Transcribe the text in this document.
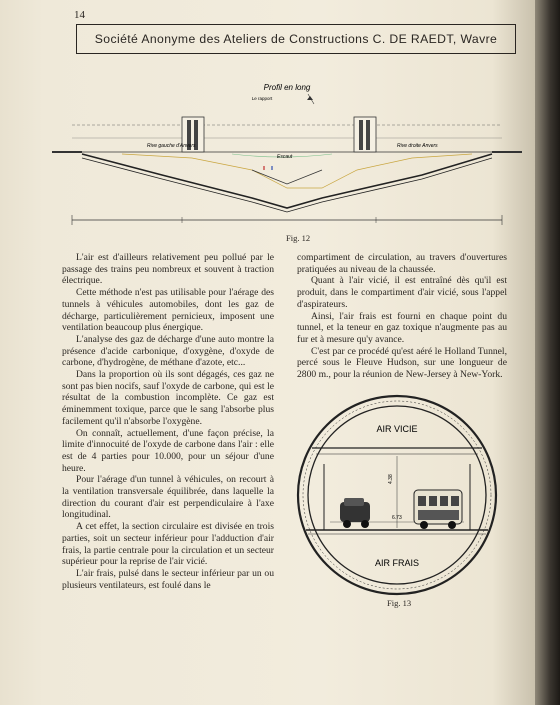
14
Société Anonyme des Ateliers de Constructions C. DE RAEDT, Wavre
Profil en long
Le rapport
Rive gauche d'Anvers
Escaut
Rive droite Anvers
Fig. 12

L'air est d'ailleurs relativement peu pollué par le passage des trains peu nombreux et souvent à traction électrique.

Cette méthode n'est pas utilisable pour l'aérage des tunnels à véhicules automobiles, dont les gaz de décharge, particulièrement pernicieux, imposent une ventilation beaucoup plus énergique.

L'analyse des gaz de décharge d'une auto montre la présence d'acide carbonique, d'oxygène, d'oxyde de carbone, d'hydrogène, de méthane d'azote, etc...

Dans la proportion où ils sont dégagés, ces gaz ne sont pas bien nocifs, sauf l'oxyde de carbone, qui est le résultat de la combustion incomplète. Ce gaz est éminemment toxique, parce que le sang l'absorbe plus facilement qu'il n'absorbe l'oxygène.

On connaît, actuellement, d'une façon précise, la limite d'innocuité de l'oxyde de carbone dans l'air : elle est de 4 parties pour 10.000, pour un séjour d'une heure.

Pour l'aérage d'un tunnel à véhicules, on recourt à la ventilation transversale équilibrée, dans laquelle la direction du courant d'air est perpendiculaire à l'axe longitudinal.

A cet effet, la section circulaire est divisée en trois parties, soit un secteur inférieur pour l'adduction d'air frais, la partie centrale pour la circulation et un secteur supérieur pour la reprise de l'air vicié.

L'air frais, pulsé dans le secteur inférieur par un ou plusieurs ventilateurs, est foulé dans le

compartiment de circulation, au travers d'ouvertures pratiquées au niveau de la chaussée.

Quant à l'air vicié, il est entraîné dès qu'il est produit, dans le compartiment d'air vicié, sous l'appel d'aspirateurs.

Ainsi, l'air frais est fourni en chaque point du tunnel, et la teneur en gaz toxique n'augmente pas au fur et à mesure qu'y avance.

C'est par ce procédé qu'est aéré le Holland Tunnel, percé sous le Fleuve Hudson, sur une longueur de 2800 m., pour la réunion de New-Jersey à New-York.

AIR VICIE
AIR FRAIS
4.38
6.73
Fig. 13
